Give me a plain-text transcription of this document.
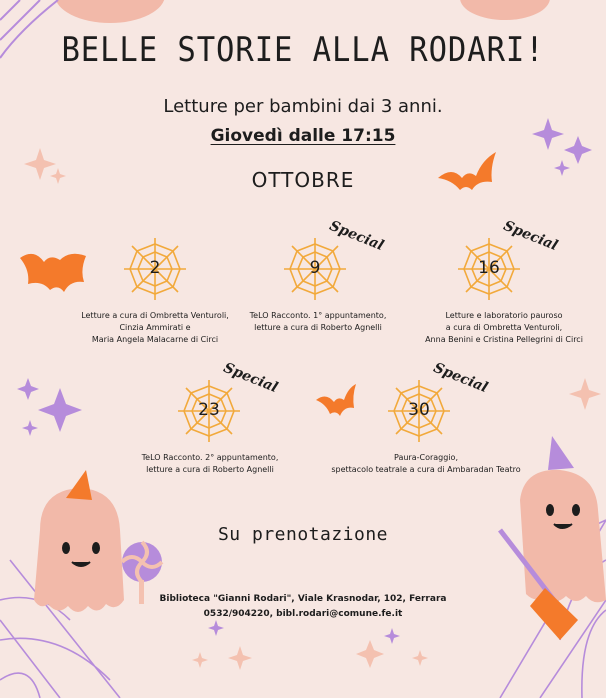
BELLE STORIE ALLA RODARI!
Letture per bambini dai 3 anni.
Giovedì dalle 17:15
OTTOBRE
2
Letture a cura di Ombretta Venturoli,
Cinzia Ammirati e
Maria Angela Malacarne di Circi
9
Special
TeLO Racconto. 1° appuntamento,
letture a cura di Roberto Agnelli
16
Special
Letture e laboratorio pauroso
a cura di Ombretta Venturoli,
Anna Benini e Cristina Pellegrini di Circi
23
Special
TeLO Racconto. 2° appuntamento,
letture a cura di Roberto Agnelli
30
Special
Paura-Coraggio,
spettacolo teatrale a cura di Ambaradan Teatro
Su prenotazione
Biblioteca "Gianni Rodari", Viale Krasnodar, 102, Ferrara
0532/904220, bibl.rodari@comune.fe.it
